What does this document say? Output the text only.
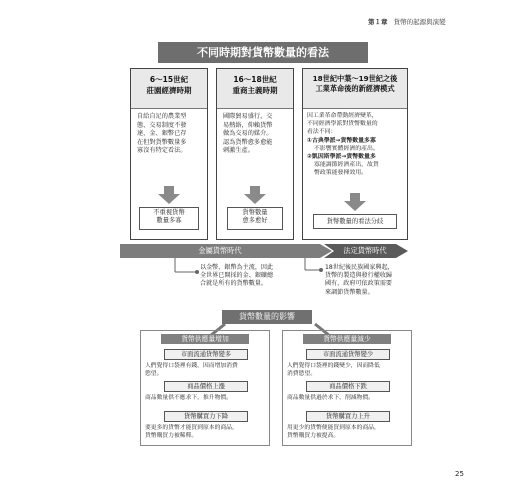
第１章 貨幣的起源與演變
不同時期對貨幣數量的看法
6～15世紀
莊園經濟時期
自給自足的農業型
態、交易制度不發
達，金、銀幣已存
在但對貨幣數量多
寡沒有特定看法。
不重視貨幣
數量多寡
16～18世紀
重商主義時期
國際貿易盛行，交
易熱絡，仰賴貨幣
做為交易的媒介。
認為貨幣愈多愈能
刺激生產。
貨幣數量
愈多愈好
18世紀中葉～19世紀之後
工業革命後的新經濟模式
因工業革命帶動經濟變革，
不同經濟學派對貨幣數量的
看法不同：
①古典學派→貨幣數量多寡
不影響實體經濟的產出。
②凱因斯學派→貨幣數量多
寡能調節經濟產出，故貨
幣政策能發揮效用。
貨幣數量的看法分歧
金屬貨幣時代	法定貨幣時代
以金幣、銀幣為主流，因此
全世界已開採的金、銀礦總
合就是所有的貨幣數量。
18世紀後民族國家興起，
貨幣的製造與發行權收歸
國有，政府可依政策需要
來調節貨幣數量。
貨幣數量的影響
貨幣供應量增加
市面流通貨幣變多
人們覺得口袋裡有錢，因而增加消費
慾望。
商品價格上漲
商品數量供不應求下，推升物價。
貨幣購買力下降
要更多的貨幣才能買到原本的商品，
貨幣購買力被稀釋。
貨幣供應量減少
市面流通貨幣變少
人們覺得口袋裡的錢變少，因而降低
消費慾望。
商品價格下跌
商品數量供過於求下，削減物價。
貨幣購買力上升
用更少的貨幣便能買到原本的商品，
貨幣購買力被提高。
25
